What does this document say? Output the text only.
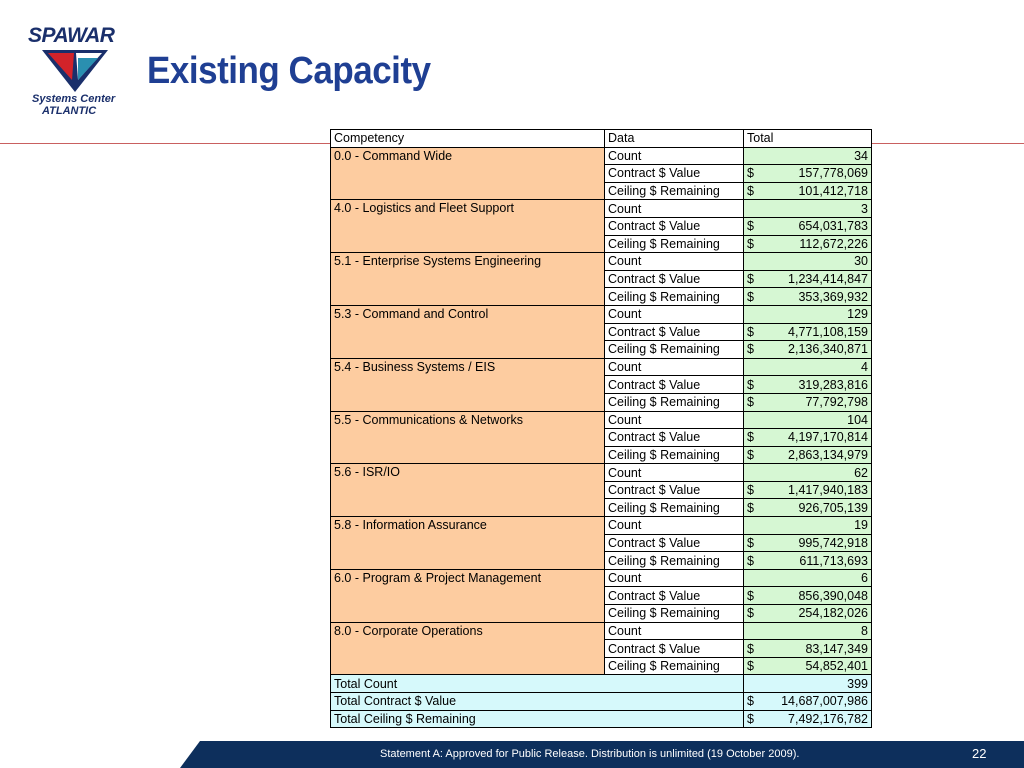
SPAWAR
Systems Center
ATLANTIC
Existing Capacity
Competency	Data	Total
0.0 - Command Wide	Count	34
	Contract $ Value	$ 157,778,069

	Ceiling $ Remaining	$ 101,412,718

4.0 - Logistics and Fleet Support	Count	3
	Contract $ Value	$ 654,031,783

	Ceiling $ Remaining	$ 112,672,226

5.1 - Enterprise Systems Engineering	Count	30
	Contract $ Value	$ 1,234,414,847

	Ceiling $ Remaining	$ 353,369,932

5.3 - Command and Control	Count	129
	Contract $ Value	$ 4,771,108,159

	Ceiling $ Remaining	$ 2,136,340,871

5.4 - Business Systems / EIS	Count	4
	Contract $ Value	$ 319,283,816

	Ceiling $ Remaining	$ 77,792,798

5.5 - Communications & Networks	Count	104
	Contract $ Value	$ 4,197,170,814

	Ceiling $ Remaining	$ 2,863,134,979

5.6 - ISR/IO	Count	62
	Contract $ Value	$ 1,417,940,183

	Ceiling $ Remaining	$ 926,705,139

5.8 - Information Assurance	Count	19
	Contract $ Value	$ 995,742,918

	Ceiling $ Remaining	$ 611,713,693

6.0 - Program & Project Management	Count	6
	Contract $ Value	$ 856,390,048

	Ceiling $ Remaining	$ 254,182,026

8.0 - Corporate Operations	Count	8
	Contract $ Value	$ 83,147,349

	Ceiling $ Remaining	$ 54,852,401

Total Count		399
Total Contract $ Value		$ 14,687,007,986

Total Ceiling $ Remaining		$ 7,492,176,782
Statement A: Approved for Public Release. Distribution is unlimited (19 October 2009).	22
